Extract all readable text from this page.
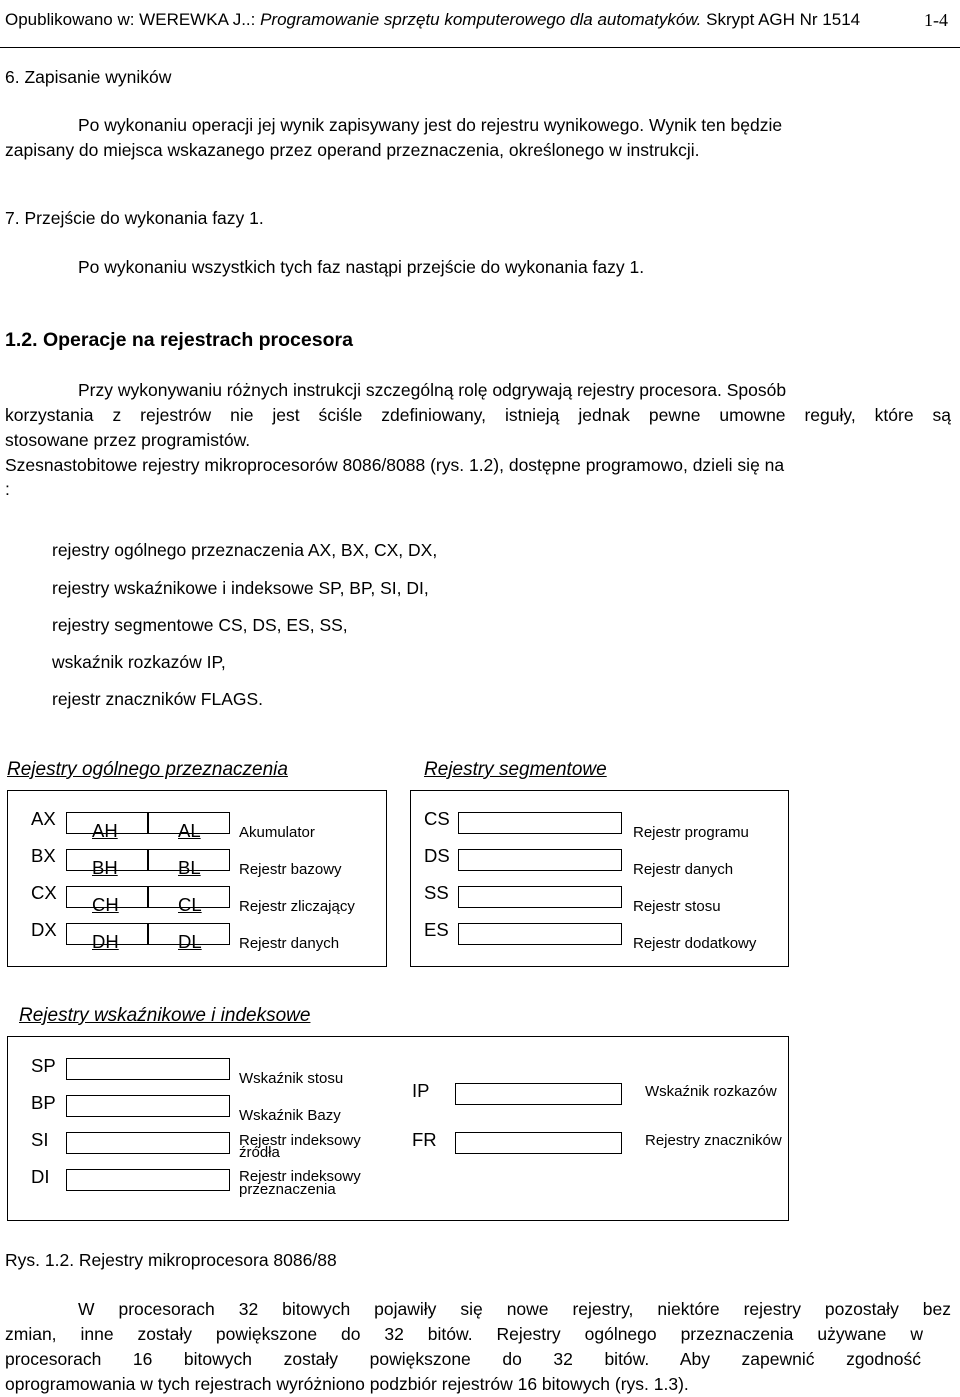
Opublikowano w: WEREWKA J..: Programowanie sprzętu komputerowego dla automatyków. Skrypt AGH Nr 1514	1-4
6. Zapisanie wyników
Po wykonaniu operacji jej wynik zapisywany jest do rejestru wynikowego. Wynik ten będzie
zapisany do miejsca wskazanego przez operand przeznaczenia, określonego w instrukcji.
7. Przejście do wykonania fazy 1.
Po wykonaniu wszystkich tych faz nastąpi przejście do wykonania fazy 1.
1.2. Operacje na rejestrach procesora
Przy wykonywaniu różnych instrukcji szczególną rolę odgrywają rejestry procesora. Sposób
korzystania z rejestrów nie jest ściśle zdefiniowany, istnieją jednak pewne umowne reguły, które są
stosowane przez programistów.
Szesnastobitowe rejestry mikroprocesorów 8086/8088 (rys. 1.2), dostępne programowo, dzieli się na
:
rejestry ogólnego przeznaczenia AX, BX, CX, DX,
rejestry wskaźnikowe i indeksowe SP, BP, SI, DI,
rejestry segmentowe CS, DS, ES, SS,
wskaźnik rozkazów IP,
rejestr znaczników FLAGS.
Rejestry ogólnego przeznaczenia
AX
BX
CX
DX
AH
BH
CH
DH
AL
BL
CL
DL
Akumulator
Rejestr bazowy
Rejestr zliczający
Rejestr danych
Rejestry segmentowe
CS
DS
SS
ES
Rejestr programu
Rejestr danych
Rejestr stosu
Rejestr dodatkowy
Rejestry wskaźnikowe i indeksowe
SP
BP
SI
DI
Wskaźnik stosu
Wskaźnik Bazy
Rejestr indeksowy
źródła
Rejestr indeksowy
przeznaczenia
IP
FR
Wskaźnik rozkazów
Rejestry znaczników
Rys. 1.2. Rejestry mikroprocesora 8086/88
W procesorach 32 bitowych pojawiły się nowe rejestry, niektóre rejestry pozostały bez
zmian, inne zostały powiększone do 32 bitów. Rejestry ogólnego przeznaczenia używane w
procesorach 16 bitowych zostały powiększone do 32 bitów. Aby zapewnić zgodność
oprogramowania w tych rejestrach wyróżniono podzbiór rejestrów 16 bitowych (rys. 1.3).
